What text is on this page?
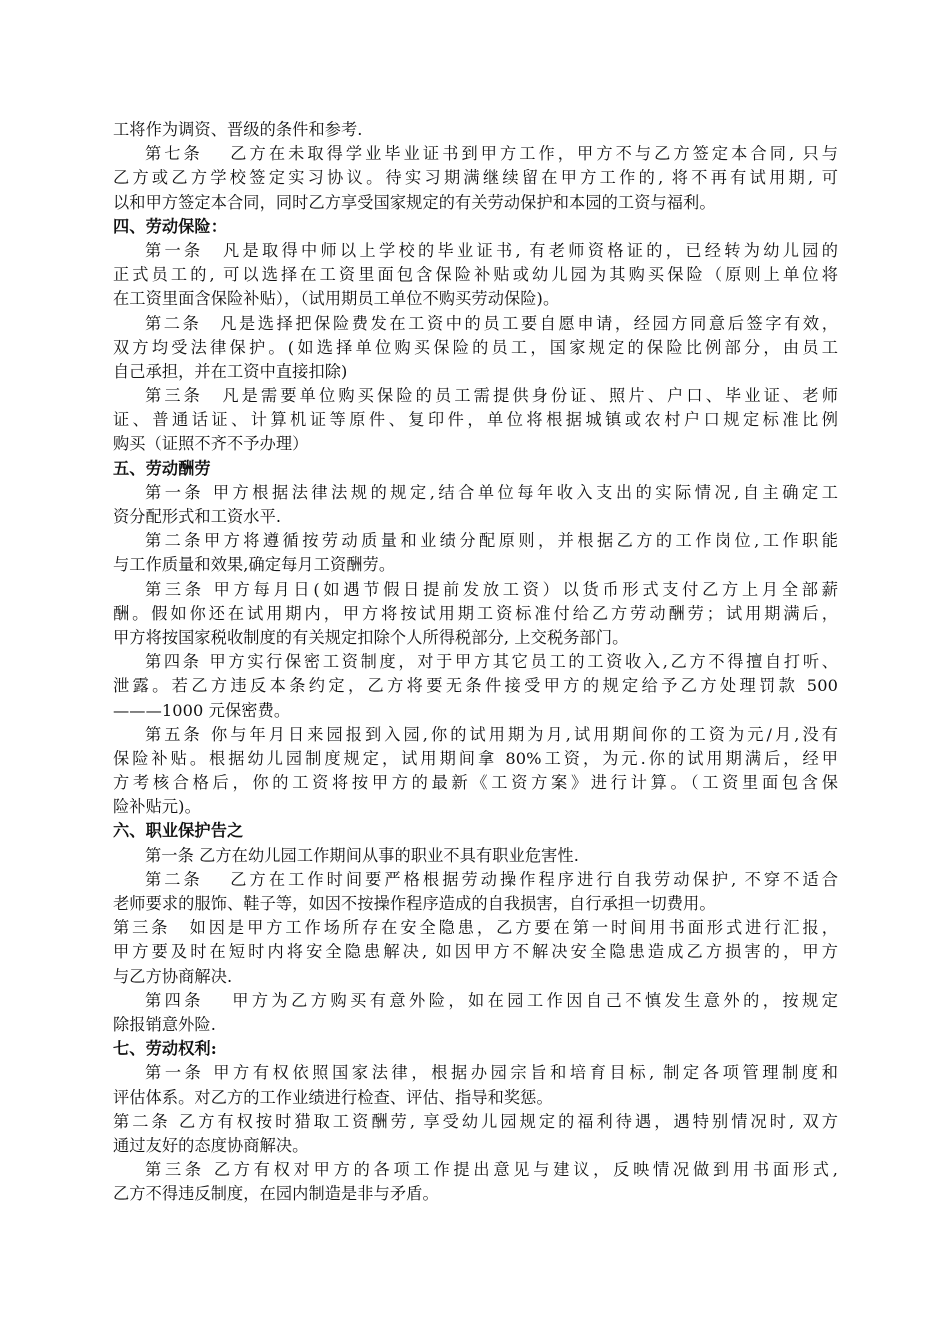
工将作为调资、晋级的条件和参考.
第七条　 乙方在未取得学业毕业证书到甲方工作，甲方不与乙方签定本合同, 只与
乙方或乙方学校签定实习协议。待实习期满继续留在甲方工作的, 将不再有试用期, 可
以和甲方签定本合同，同时乙方享受国家规定的有关劳动保护和本园的工资与福利。
四、劳动保险：
第一条　凡是取得中师以上学校的毕业证书, 有老师资格证的，已经转为幼儿园的
正式员工的, 可以选择在工资里面包含保险补贴或幼儿园为其购买保险（原则上单位将
在工资里面含保险补贴），（试用期员工单位不购买劳动保险)。
第二条　凡是选择把保险费发在工资中的员工要自愿申请，经园方同意后签字有效，
双方均受法律保护。(如选择单位购买保险的员工，国家规定的保险比例部分，由员工
自己承担，并在工资中直接扣除)
第三条　凡是需要单位购买保险的员工需提供身份证、照片、户口、毕业证、老师
证、普通话证、计算机证等原件、复印件，单位将根据城镇或农村户口规定标准比例
购买（证照不齐不予办理）
五、劳动酬劳
第一条 甲方根据法律法规的规定,结合单位每年收入支出的实际情况,自主确定工
资分配形式和工资水平.
第二条甲方将遵循按劳动质量和业绩分配原则，并根据乙方的工作岗位,工作职能
与工作质量和效果,确定每月工资酬劳。
第三条 甲方每月日(如遇节假日提前发放工资）以货币形式支付乙方上月全部薪
酬。假如你还在试用期内，甲方将按试用期工资标准付给乙方劳动酬劳；试用期满后，
甲方将按国家税收制度的有关规定扣除个人所得税部分, 上交税务部门。
第四条 甲方实行保密工资制度，对于甲方其它员工的工资收入,乙方不得擅自打听、
泄露。若乙方违反本条约定，乙方将要无条件接受甲方的规定给予乙方处理罚款 500
———1000 元保密费。
第五条 你与年月日来园报到入园,你的试用期为月,试用期间你的工资为元/月,没有
保险补贴。根据幼儿园制度规定，试用期间拿 80%工资，为元.你的试用期满后，经甲
方考核合格后，你的工资将按甲方的最新《工资方案》进行计算。（工资里面包含保
险补贴元)。
六、职业保护告之
第一条 乙方在幼儿园工作期间从事的职业不具有职业危害性.
第二条　 乙方在工作时间要严格根据劳动操作程序进行自我劳动保护, 不穿不适合
老师要求的服饰、鞋子等，如因不按操作程序造成的自我损害，自行承担一切费用。
第三条　如因是甲方工作场所存在安全隐患，乙方要在第一时间用书面形式进行汇报，
甲方要及时在短时内将安全隐患解决, 如因甲方不解决安全隐患造成乙方损害的，甲方
与乙方协商解决.
第四条　 甲方为乙方购买有意外险，如在园工作因自己不慎发生意外的，按规定
除报销意外险.
七、劳动权利:
第一条 甲方有权依照国家法律，根据办园宗旨和培育目标, 制定各项管理制度和
评估体系。对乙方的工作业绩进行检查、评估、指导和奖惩。
第二条 乙方有权按时猎取工资酬劳, 享受幼儿园规定的福利待遇，遇特别情况时, 双方
通过友好的态度协商解决。
第三条 乙方有权对甲方的各项工作提出意见与建议，反映情况做到用书面形式,
乙方不得违反制度，在园内制造是非与矛盾。
